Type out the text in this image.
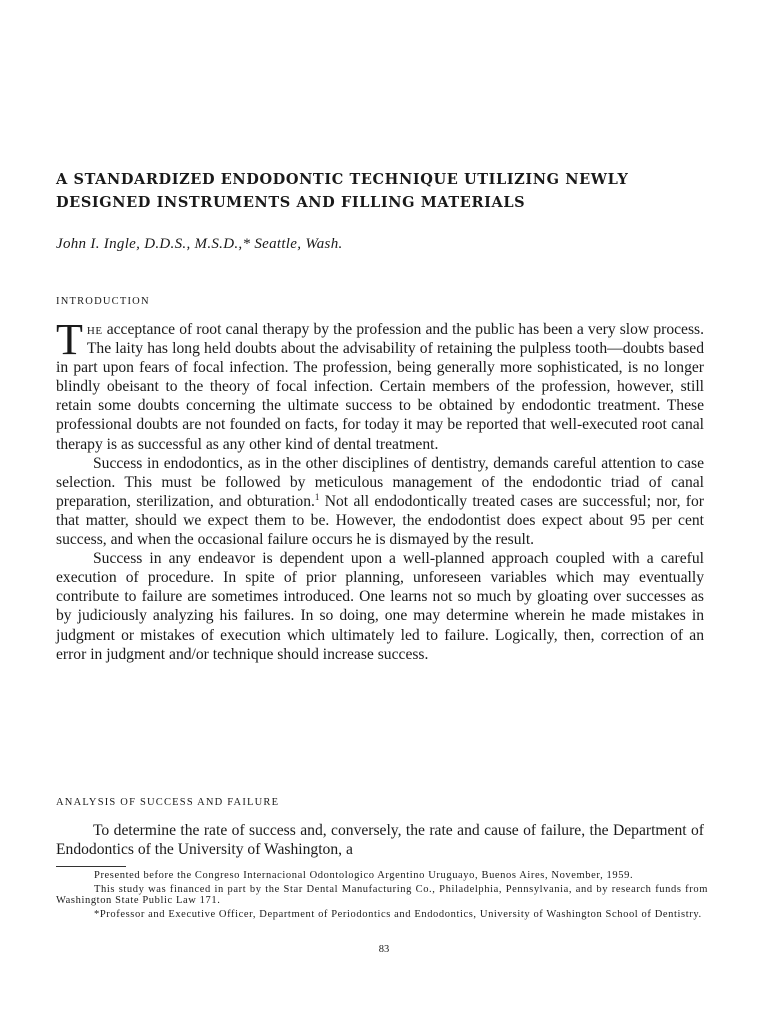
A STANDARDIZED ENDODONTIC TECHNIQUE UTILIZING NEWLY
DESIGNED INSTRUMENTS AND FILLING MATERIALS
John I. Ingle, D.D.S., M.S.D.,* Seattle, Wash.
INTRODUCTION

The acceptance of root canal therapy by the profession and the public has been a very slow process. The laity has long held doubts about the advisability of retaining the pulpless tooth—doubts based in part upon fears of focal infection. The profession, being generally more sophisticated, is no longer blindly obeisant to the theory of focal infection. Certain members of the profession, however, still retain some doubts concerning the ultimate success to be obtained by endodontic treatment. These professional doubts are not founded on facts, for today it may be reported that well-executed root canal therapy is as successful as any other kind of dental treatment.

Success in endodontics, as in the other disciplines of dentistry, demands careful attention to case selection. This must be followed by meticulous management of the endodontic triad of canal preparation, sterilization, and obturation.$^1$ Not all endodontically treated cases are successful; nor, for that matter, should we expect them to be. However, the endodontist does expect about 95 per cent success, and when the occasional failure occurs he is dismayed by the result.

Success in any endeavor is dependent upon a well-planned approach coupled with a careful execution of procedure. In spite of prior planning, unforeseen variables which may eventually contribute to failure are sometimes introduced. One learns not so much by gloating over successes as by judiciously analyzing his failures. In so doing, one may determine wherein he made mistakes in judgment or mistakes of execution which ultimately led to failure. Logically, then, correction of an error in judgment and/or technique should increase success.

ANALYSIS OF SUCCESS AND FAILURE

To determine the rate of success and, conversely, the rate and cause of failure, the Department of Endodontics of the University of Washington, a

Presented before the Congreso Internacional Odontologico Argentino Uruguayo, Buenos Aires, November, 1959.

This study was financed in part by the Star Dental Manufacturing Co., Philadelphia, Pennsylvania, and by research funds from Washington State Public Law 171.

*Professor and Executive Officer, Department of Periodontics and Endodontics, University of Washington School of Dentistry.

83
